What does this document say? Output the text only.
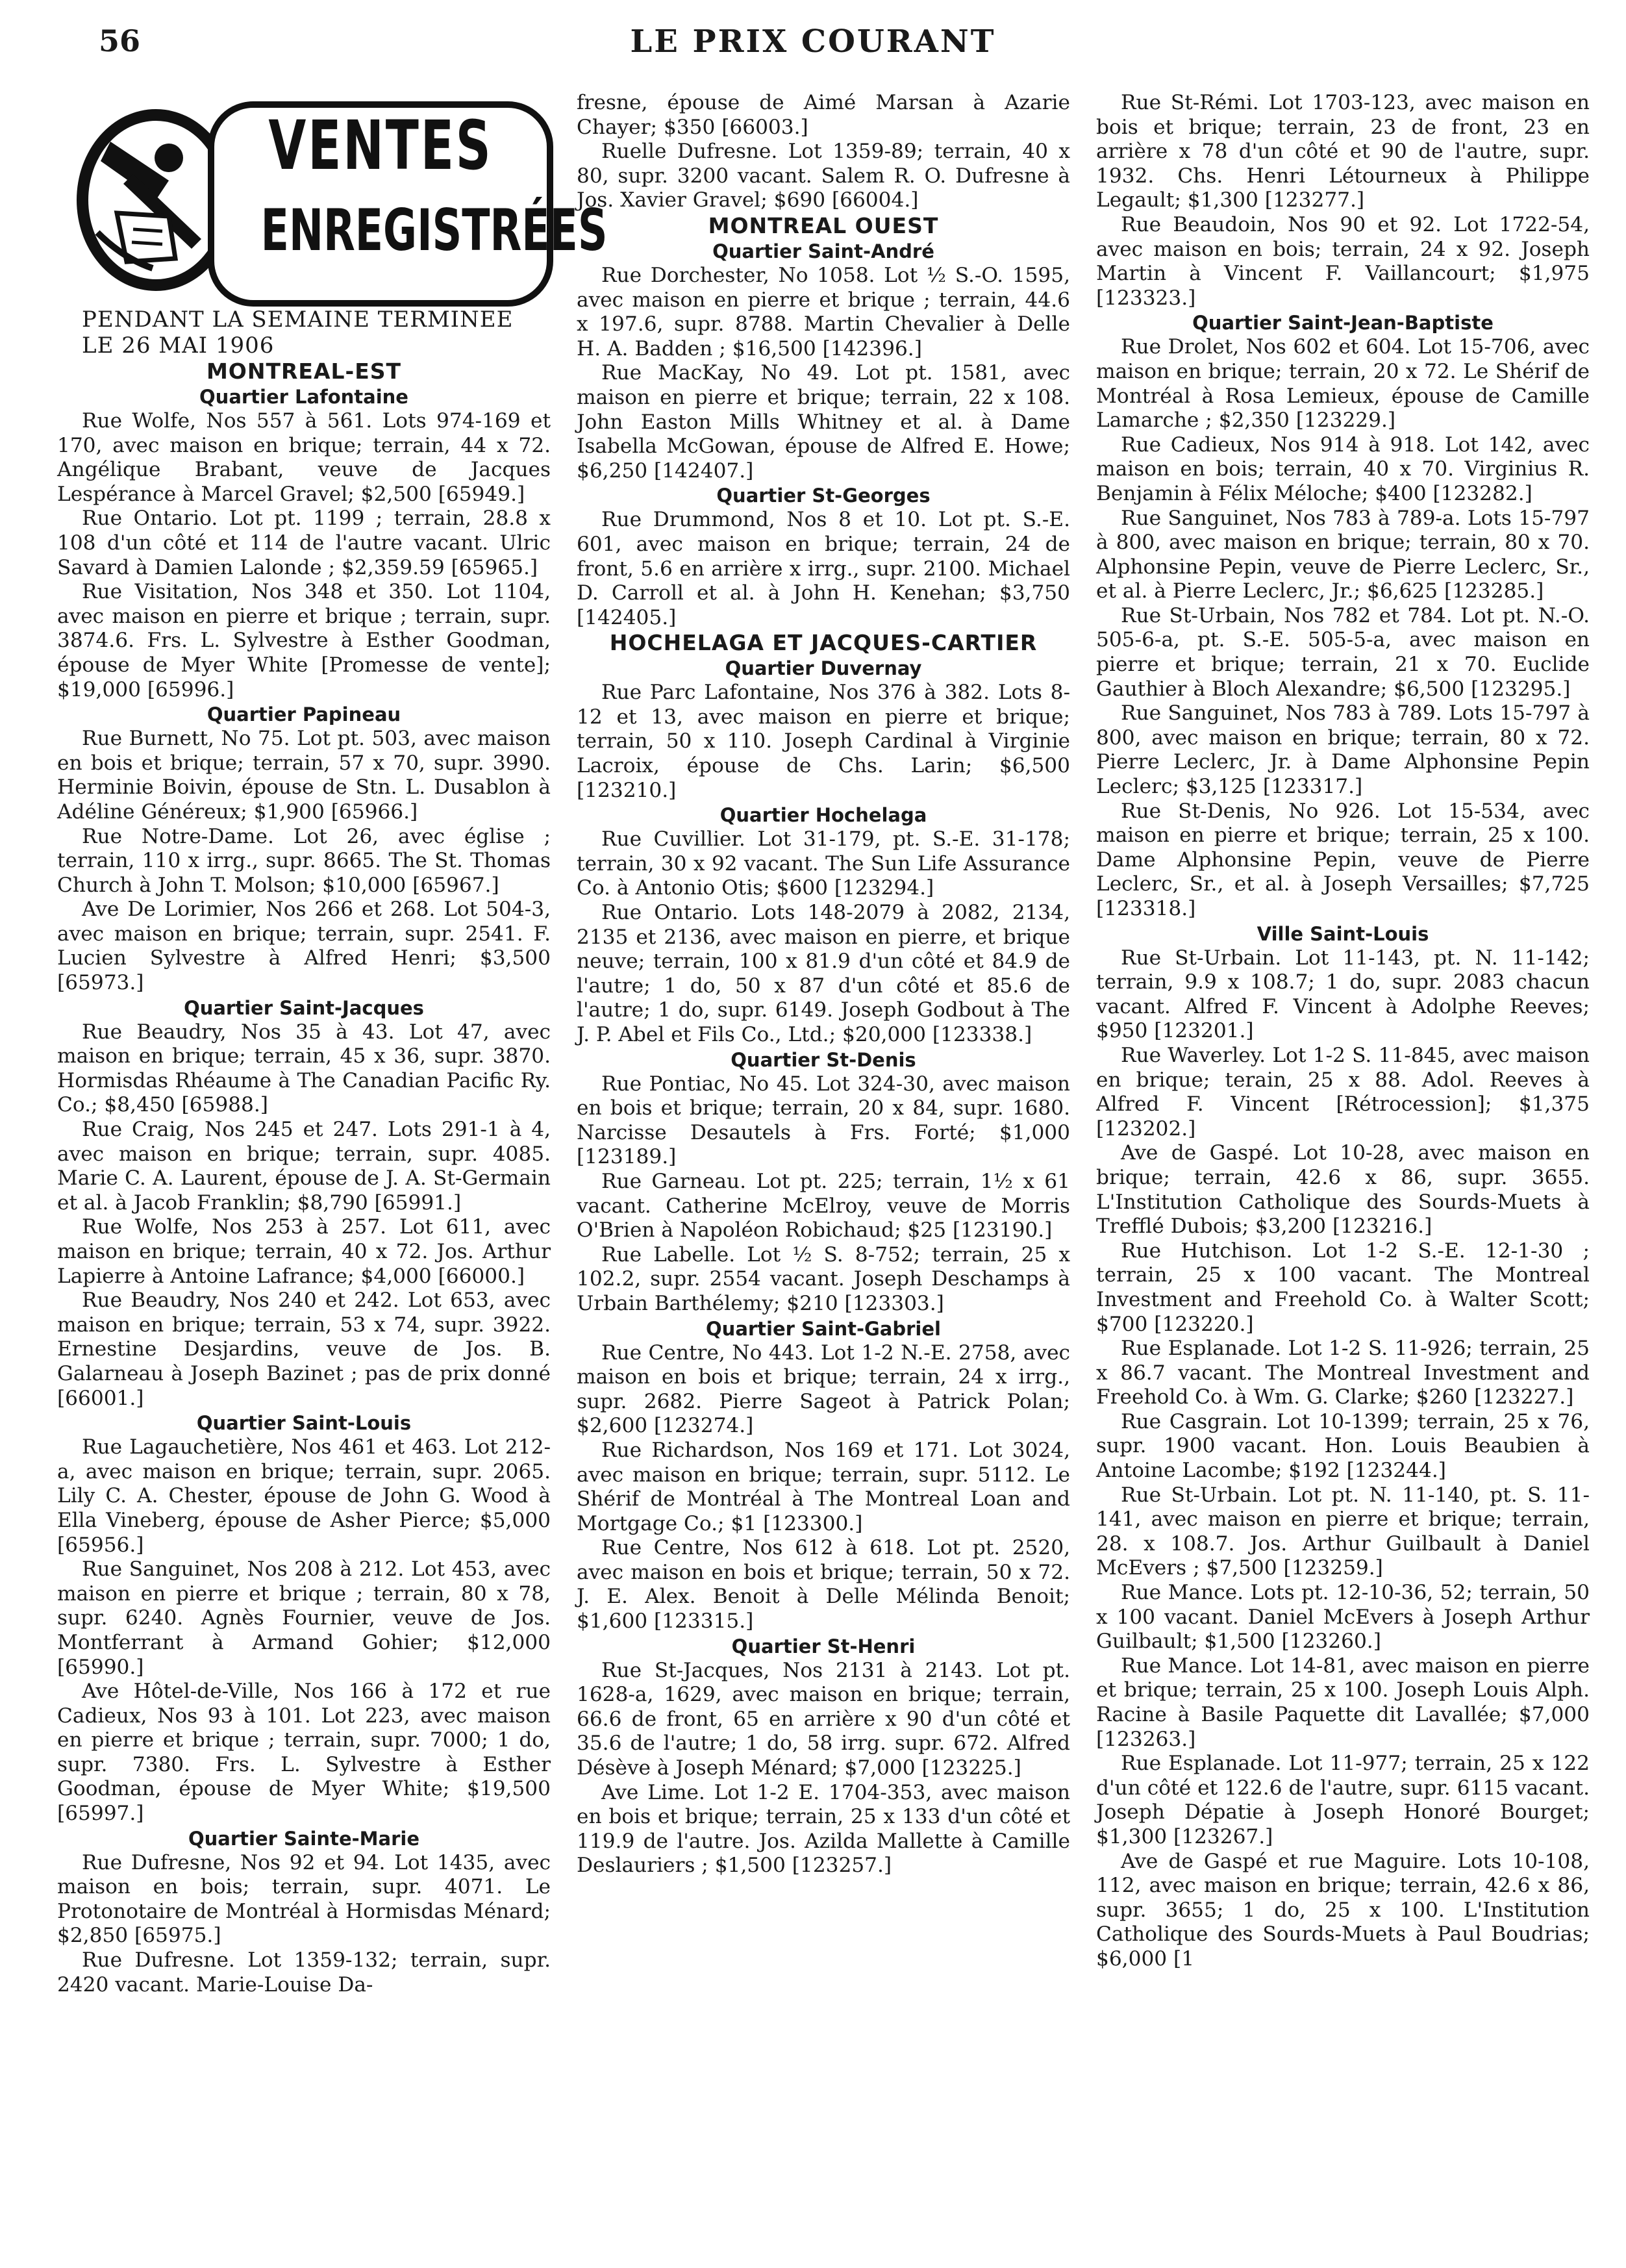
56	LE PRIX COURANT
VENTES
ENREGISTRÉES

PENDANT LA SEMAINE TERMINEE

LE 26 MAI 1906

MONTREAL-EST
Quartier Lafontaine

Rue Wolfe, Nos 557 à 561. Lots 974-169 et 170, avec maison en brique; terrain, 44 x 72. Angélique Brabant, veuve de Jacques Lespérance à Marcel Gravel; $2,500 [65949.]

Rue Ontario. Lot pt. 1199 ; terrain, 28.8 x 108 d'un côté et 114 de l'autre vacant. Ulric Savard à Damien Lalonde ; $2,359.59 [65965.]

Rue Visitation, Nos 348 et 350. Lot 1104, avec maison en pierre et brique ; terrain, supr. 3874.6. Frs. L. Sylvestre à Esther Goodman, épouse de Myer White [Promesse de vente]; $19,000 [65996.]

Quartier Papineau

Rue Burnett, No 75. Lot pt. 503, avec maison en bois et brique; terrain, 57 x 70, supr. 3990. Herminie Boivin, épouse de Stn. L. Dusablon à Adéline Généreux; $1,900 [65966.]

Rue Notre-Dame. Lot 26, avec église ; terrain, 110 x irrg., supr. 8665. The St. Thomas Church à John T. Molson; $10,000 [65967.]

Ave De Lorimier, Nos 266 et 268. Lot 504-3, avec maison en brique; terrain, supr. 2541. F. Lucien Sylvestre à Alfred Henri; $3,500 [65973.]

Quartier Saint-Jacques

Rue Beaudry, Nos 35 à 43. Lot 47, avec maison en brique; terrain, 45 x 36, supr. 3870. Hormisdas Rhéaume à The Canadian Pacific Ry. Co.; $8,450 [65988.]

Rue Craig, Nos 245 et 247. Lots 291-1 à 4, avec maison en brique; terrain, supr. 4085. Marie C. A. Laurent, épouse de J. A. St-Germain et al. à Jacob Franklin; $8,790 [65991.]

Rue Wolfe, Nos 253 à 257. Lot 611, avec maison en brique; terrain, 40 x 72. Jos. Arthur Lapierre à Antoine Lafrance; $4,000 [66000.]

Rue Beaudry, Nos 240 et 242. Lot 653, avec maison en brique; terrain, 53 x 74, supr. 3922. Ernestine Desjardins, veuve de Jos. B. Galarneau à Joseph Bazinet ; pas de prix donné [66001.]

Quartier Saint-Louis

Rue Lagauchetière, Nos 461 et 463. Lot 212-a, avec maison en brique; terrain, supr. 2065. Lily C. A. Chester, épouse de John G. Wood à Ella Vineberg, épouse de Asher Pierce; $5,000 [65956.]

Rue Sanguinet, Nos 208 à 212. Lot 453, avec maison en pierre et brique ; terrain, 80 x 78, supr. 6240. Agnès Fournier, veuve de Jos. Montferrant à Armand Gohier; $12,000 [65990.]

Ave Hôtel-de-Ville, Nos 166 à 172 et rue Cadieux, Nos 93 à 101. Lot 223, avec maison en pierre et brique ; terrain, supr. 7000; 1 do, supr. 7380. Frs. L. Sylvestre à Esther Goodman, épouse de Myer White; $19,500 [65997.]

Quartier Sainte-Marie

Rue Dufresne, Nos 92 et 94. Lot 1435, avec maison en bois; terrain, supr. 4071. Le Protonotaire de Montréal à Hormisdas Ménard; $2,850 [65975.]

Rue Dufresne. Lot 1359-132; terrain, supr. 2420 vacant. Marie-Louise Da-

fresne, épouse de Aimé Marsan à Azarie Chayer; $350 [66003.]

Ruelle Dufresne. Lot 1359-89; terrain, 40 x 80, supr. 3200 vacant. Salem R. O. Dufresne à Jos. Xavier Gravel; $690 [66004.]

MONTREAL OUEST
Quartier Saint-André

Rue Dorchester, No 1058. Lot ½ S.-O. 1595, avec maison en pierre et brique ; terrain, 44.6 x 197.6, supr. 8788. Martin Chevalier à Delle H. A. Badden ; $16,500 [142396.]

Rue MacKay, No 49. Lot pt. 1581, avec maison en pierre et brique; terrain, 22 x 108. John Easton Mills Whitney et al. à Dame Isabella McGowan, épouse de Alfred E. Howe; $6,250 [142407.]

Quartier St-Georges

Rue Drummond, Nos 8 et 10. Lot pt. S.-E. 601, avec maison en brique; terrain, 24 de front, 5.6 en arrière x irrg., supr. 2100. Michael D. Carroll et al. à John H. Kenehan; $3,750 [142405.]

HOCHELAGA ET JACQUES-CARTIER
Quartier Duvernay

Rue Parc Lafontaine, Nos 376 à 382. Lots 8-12 et 13, avec maison en pierre et brique; terrain, 50 x 110. Joseph Cardinal à Virginie Lacroix, épouse de Chs. Larin; $6,500 [123210.]

Quartier Hochelaga

Rue Cuvillier. Lot 31-179, pt. S.-E. 31-178; terrain, 30 x 92 vacant. The Sun Life Assurance Co. à Antonio Otis; $600 [123294.]

Rue Ontario. Lots 148-2079 à 2082, 2134, 2135 et 2136, avec maison en pierre, et brique neuve; terrain, 100 x 81.9 d'un côté et 84.9 de l'autre; 1 do, 50 x 87 d'un côté et 85.6 de l'autre; 1 do, supr. 6149. Joseph Godbout à The J. P. Abel et Fils Co., Ltd.; $20,000 [123338.]

Quartier St-Denis

Rue Pontiac, No 45. Lot 324-30, avec maison en bois et brique; terrain, 20 x 84, supr. 1680. Narcisse Desautels à Frs. Forté; $1,000 [123189.]

Rue Garneau. Lot pt. 225; terrain, 1½ x 61 vacant. Catherine McElroy, veuve de Morris O'Brien à Napoléon Robichaud; $25 [123190.]

Rue Labelle. Lot ½ S. 8-752; terrain, 25 x 102.2, supr. 2554 vacant. Joseph Deschamps à Urbain Barthélemy; $210 [123303.]

Quartier Saint-Gabriel

Rue Centre, No 443. Lot 1-2 N.-E. 2758, avec maison en bois et brique; terrain, 24 x irrg., supr. 2682. Pierre Sageot à Patrick Polan; $2,600 [123274.]

Rue Richardson, Nos 169 et 171. Lot 3024, avec maison en brique; terrain, supr. 5112. Le Shérif de Montréal à The Montreal Loan and Mortgage Co.; $1 [123300.]

Rue Centre, Nos 612 à 618. Lot pt. 2520, avec maison en bois et brique; terrain, 50 x 72. J. E. Alex. Benoit à Delle Mélinda Benoit; $1,600 [123315.]

Quartier St-Henri

Rue St-Jacques, Nos 2131 à 2143. Lot pt. 1628-a, 1629, avec maison en brique; terrain, 66.6 de front, 65 en arrière x 90 d'un côté et 35.6 de l'autre; 1 do, 58 irrg. supr. 672. Alfred Désève à Joseph Ménard; $7,000 [123225.]

Ave Lime. Lot 1-2 E. 1704-353, avec maison en bois et brique; terrain, 25 x 133 d'un côté et 119.9 de l'autre. Jos. Azilda Mallette à Camille Deslauriers ; $1,500 [123257.]

Rue St-Rémi. Lot 1703-123, avec maison en bois et brique; terrain, 23 de front, 23 en arrière x 78 d'un côté et 90 de l'autre, supr. 1932. Chs. Henri Létourneux à Philippe Legault; $1,300 [123277.]

Rue Beaudoin, Nos 90 et 92. Lot 1722-54, avec maison en bois; terrain, 24 x 92. Joseph Martin à Vincent F. Vaillancourt; $1,975 [123323.]

Quartier Saint-Jean-Baptiste

Rue Drolet, Nos 602 et 604. Lot 15-706, avec maison en brique; terrain, 20 x 72. Le Shérif de Montréal à Rosa Lemieux, épouse de Camille Lamarche ; $2,350 [123229.]

Rue Cadieux, Nos 914 à 918. Lot 142, avec maison en bois; terrain, 40 x 70. Virginius R. Benjamin à Félix Méloche; $400 [123282.]

Rue Sanguinet, Nos 783 à 789-a. Lots 15-797 à 800, avec maison en brique; terrain, 80 x 70. Alphonsine Pepin, veuve de Pierre Leclerc, Sr., et al. à Pierre Leclerc, Jr.; $6,625 [123285.]

Rue St-Urbain, Nos 782 et 784. Lot pt. N.-O. 505-6-a, pt. S.-E. 505-5-a, avec maison en pierre et brique; terrain, 21 x 70. Euclide Gauthier à Bloch Alexandre; $6,500 [123295.]

Rue Sanguinet, Nos 783 à 789. Lots 15-797 à 800, avec maison en brique; terrain, 80 x 72. Pierre Leclerc, Jr. à Dame Alphonsine Pepin Leclerc; $3,125 [123317.]

Rue St-Denis, No 926. Lot 15-534, avec maison en pierre et brique; terrain, 25 x 100. Dame Alphonsine Pepin, veuve de Pierre Leclerc, Sr., et al. à Joseph Versailles; $7,725 [123318.]

Ville Saint-Louis

Rue St-Urbain. Lot 11-143, pt. N. 11-142; terrain, 9.9 x 108.7; 1 do, supr. 2083 chacun vacant. Alfred F. Vincent à Adolphe Reeves; $950 [123201.]

Rue Waverley. Lot 1-2 S. 11-845, avec maison en brique; terain, 25 x 88. Adol. Reeves à Alfred F. Vincent [Rétrocession]; $1,375 [123202.]

Ave de Gaspé. Lot 10-28, avec maison en brique; terrain, 42.6 x 86, supr. 3655. L'Institution Catholique des Sourds-Muets à Trefflé Dubois; $3,200 [123216.]

Rue Hutchison. Lot 1-2 S.-E. 12-1-30 ; terrain, 25 x 100 vacant. The Montreal Investment and Freehold Co. à Walter Scott; $700 [123220.]

Rue Esplanade. Lot 1-2 S. 11-926; terrain, 25 x 86.7 vacant. The Montreal Investment and Freehold Co. à Wm. G. Clarke; $260 [123227.]

Rue Casgrain. Lot 10-1399; terrain, 25 x 76, supr. 1900 vacant. Hon. Louis Beaubien à Antoine Lacombe; $192 [123244.]

Rue St-Urbain. Lot pt. N. 11-140, pt. S. 11-141, avec maison en pierre et brique; terrain, 28. x 108.7. Jos. Arthur Guilbault à Daniel McEvers ; $7,500 [123259.]

Rue Mance. Lots pt. 12-10-36, 52; terrain, 50 x 100 vacant. Daniel McEvers à Joseph Arthur Guilbault; $1,500 [123260.]

Rue Mance. Lot 14-81, avec maison en pierre et brique; terrain, 25 x 100. Joseph Louis Alph. Racine à Basile Paquette dit Lavallée; $7,000 [123263.]

Rue Esplanade. Lot 11-977; terrain, 25 x 122 d'un côté et 122.6 de l'autre, supr. 6115 vacant. Joseph Dépatie à Joseph Honoré Bourget; $1,300 [123267.]

Ave de Gaspé et rue Maguire. Lots 10-108, 112, avec maison en brique; terrain, 42.6 x 86, supr. 3655; 1 do, 25 x 100. L'Institution Catholique des Sourds-Muets à Paul Boudrias; $6,000 [1
